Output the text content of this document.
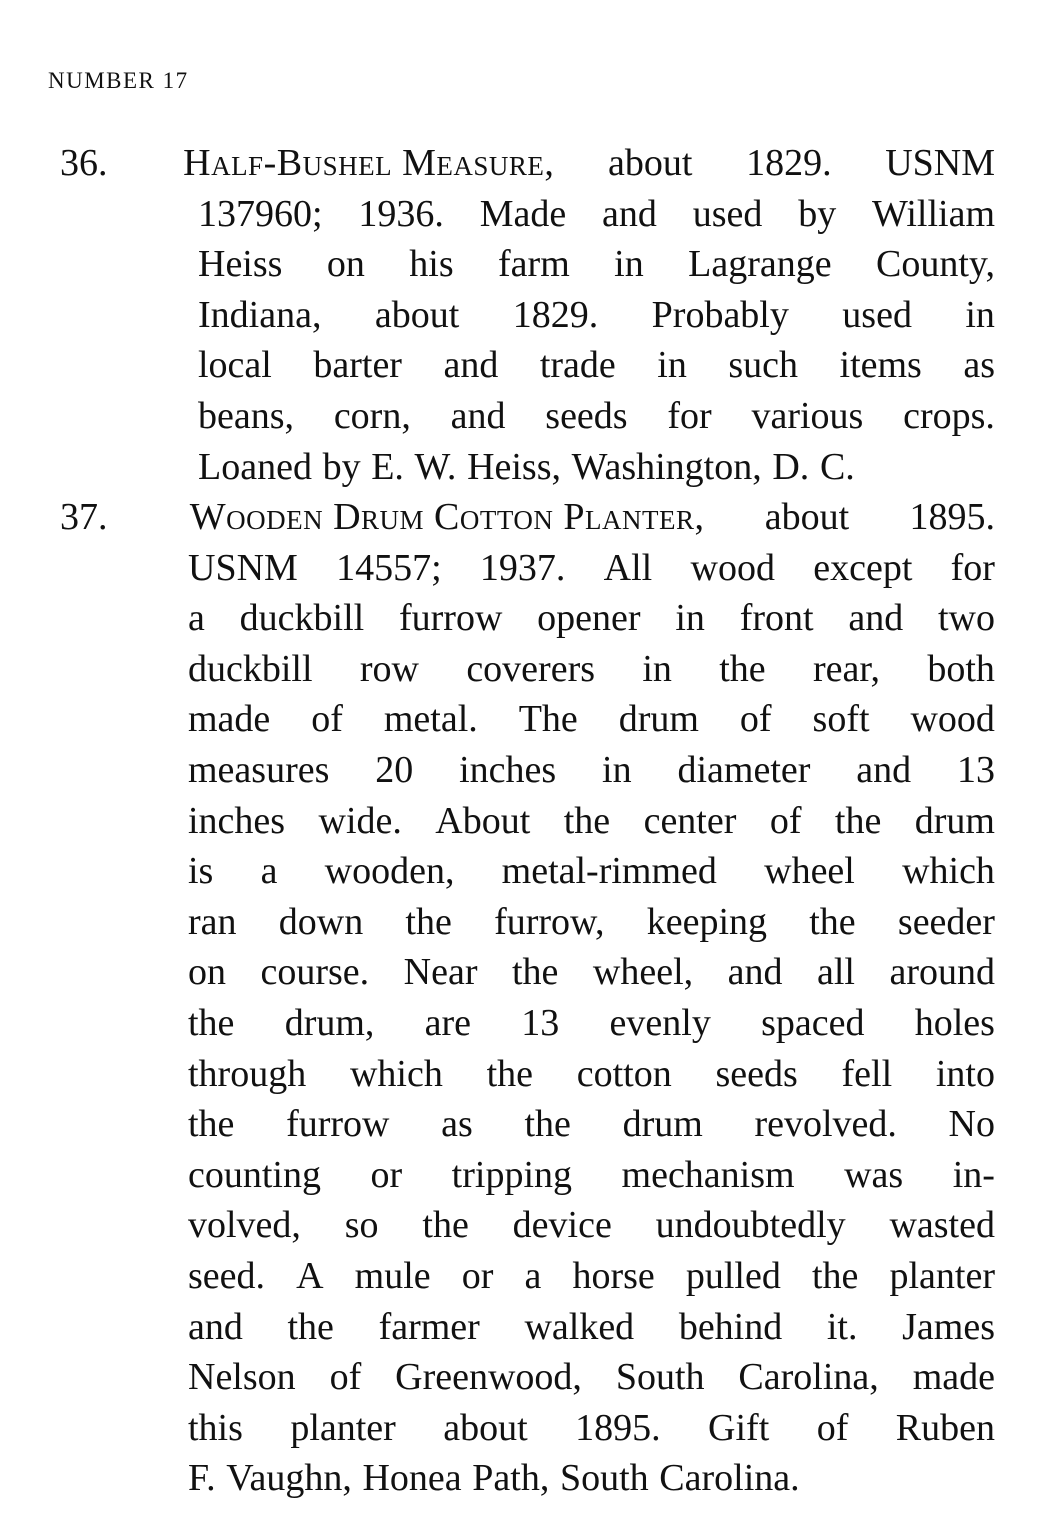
NUMBER 17
36. Half-Bushel Measure, about 1829. USNM
137960; 1936. Made and used by William
Heiss on his farm in Lagrange County,
Indiana, about 1829. Probably used in
local barter and trade in such items as
beans, corn, and seeds for various crops.
Loaned by E. W. Heiss, Washington, D. C.
37. Wooden Drum Cotton Planter, about 1895.
USNM 14557; 1937. All wood except for
a duckbill furrow opener in front and two
duckbill row coverers in the rear, both
made of metal. The drum of soft wood
measures 20 inches in diameter and 13
inches wide. About the center of the drum
is a wooden, metal-rimmed wheel which
ran down the furrow, keeping the seeder
on course. Near the wheel, and all around
the drum, are 13 evenly spaced holes
through which the cotton seeds fell into
the furrow as the drum revolved. No
counting or tripping mechanism was in-
volved, so the device undoubtedly wasted
seed. A mule or a horse pulled the planter
and the farmer walked behind it. James
Nelson of Greenwood, South Carolina, made
this planter about 1895. Gift of Ruben
F. Vaughn, Honea Path, South Carolina.
